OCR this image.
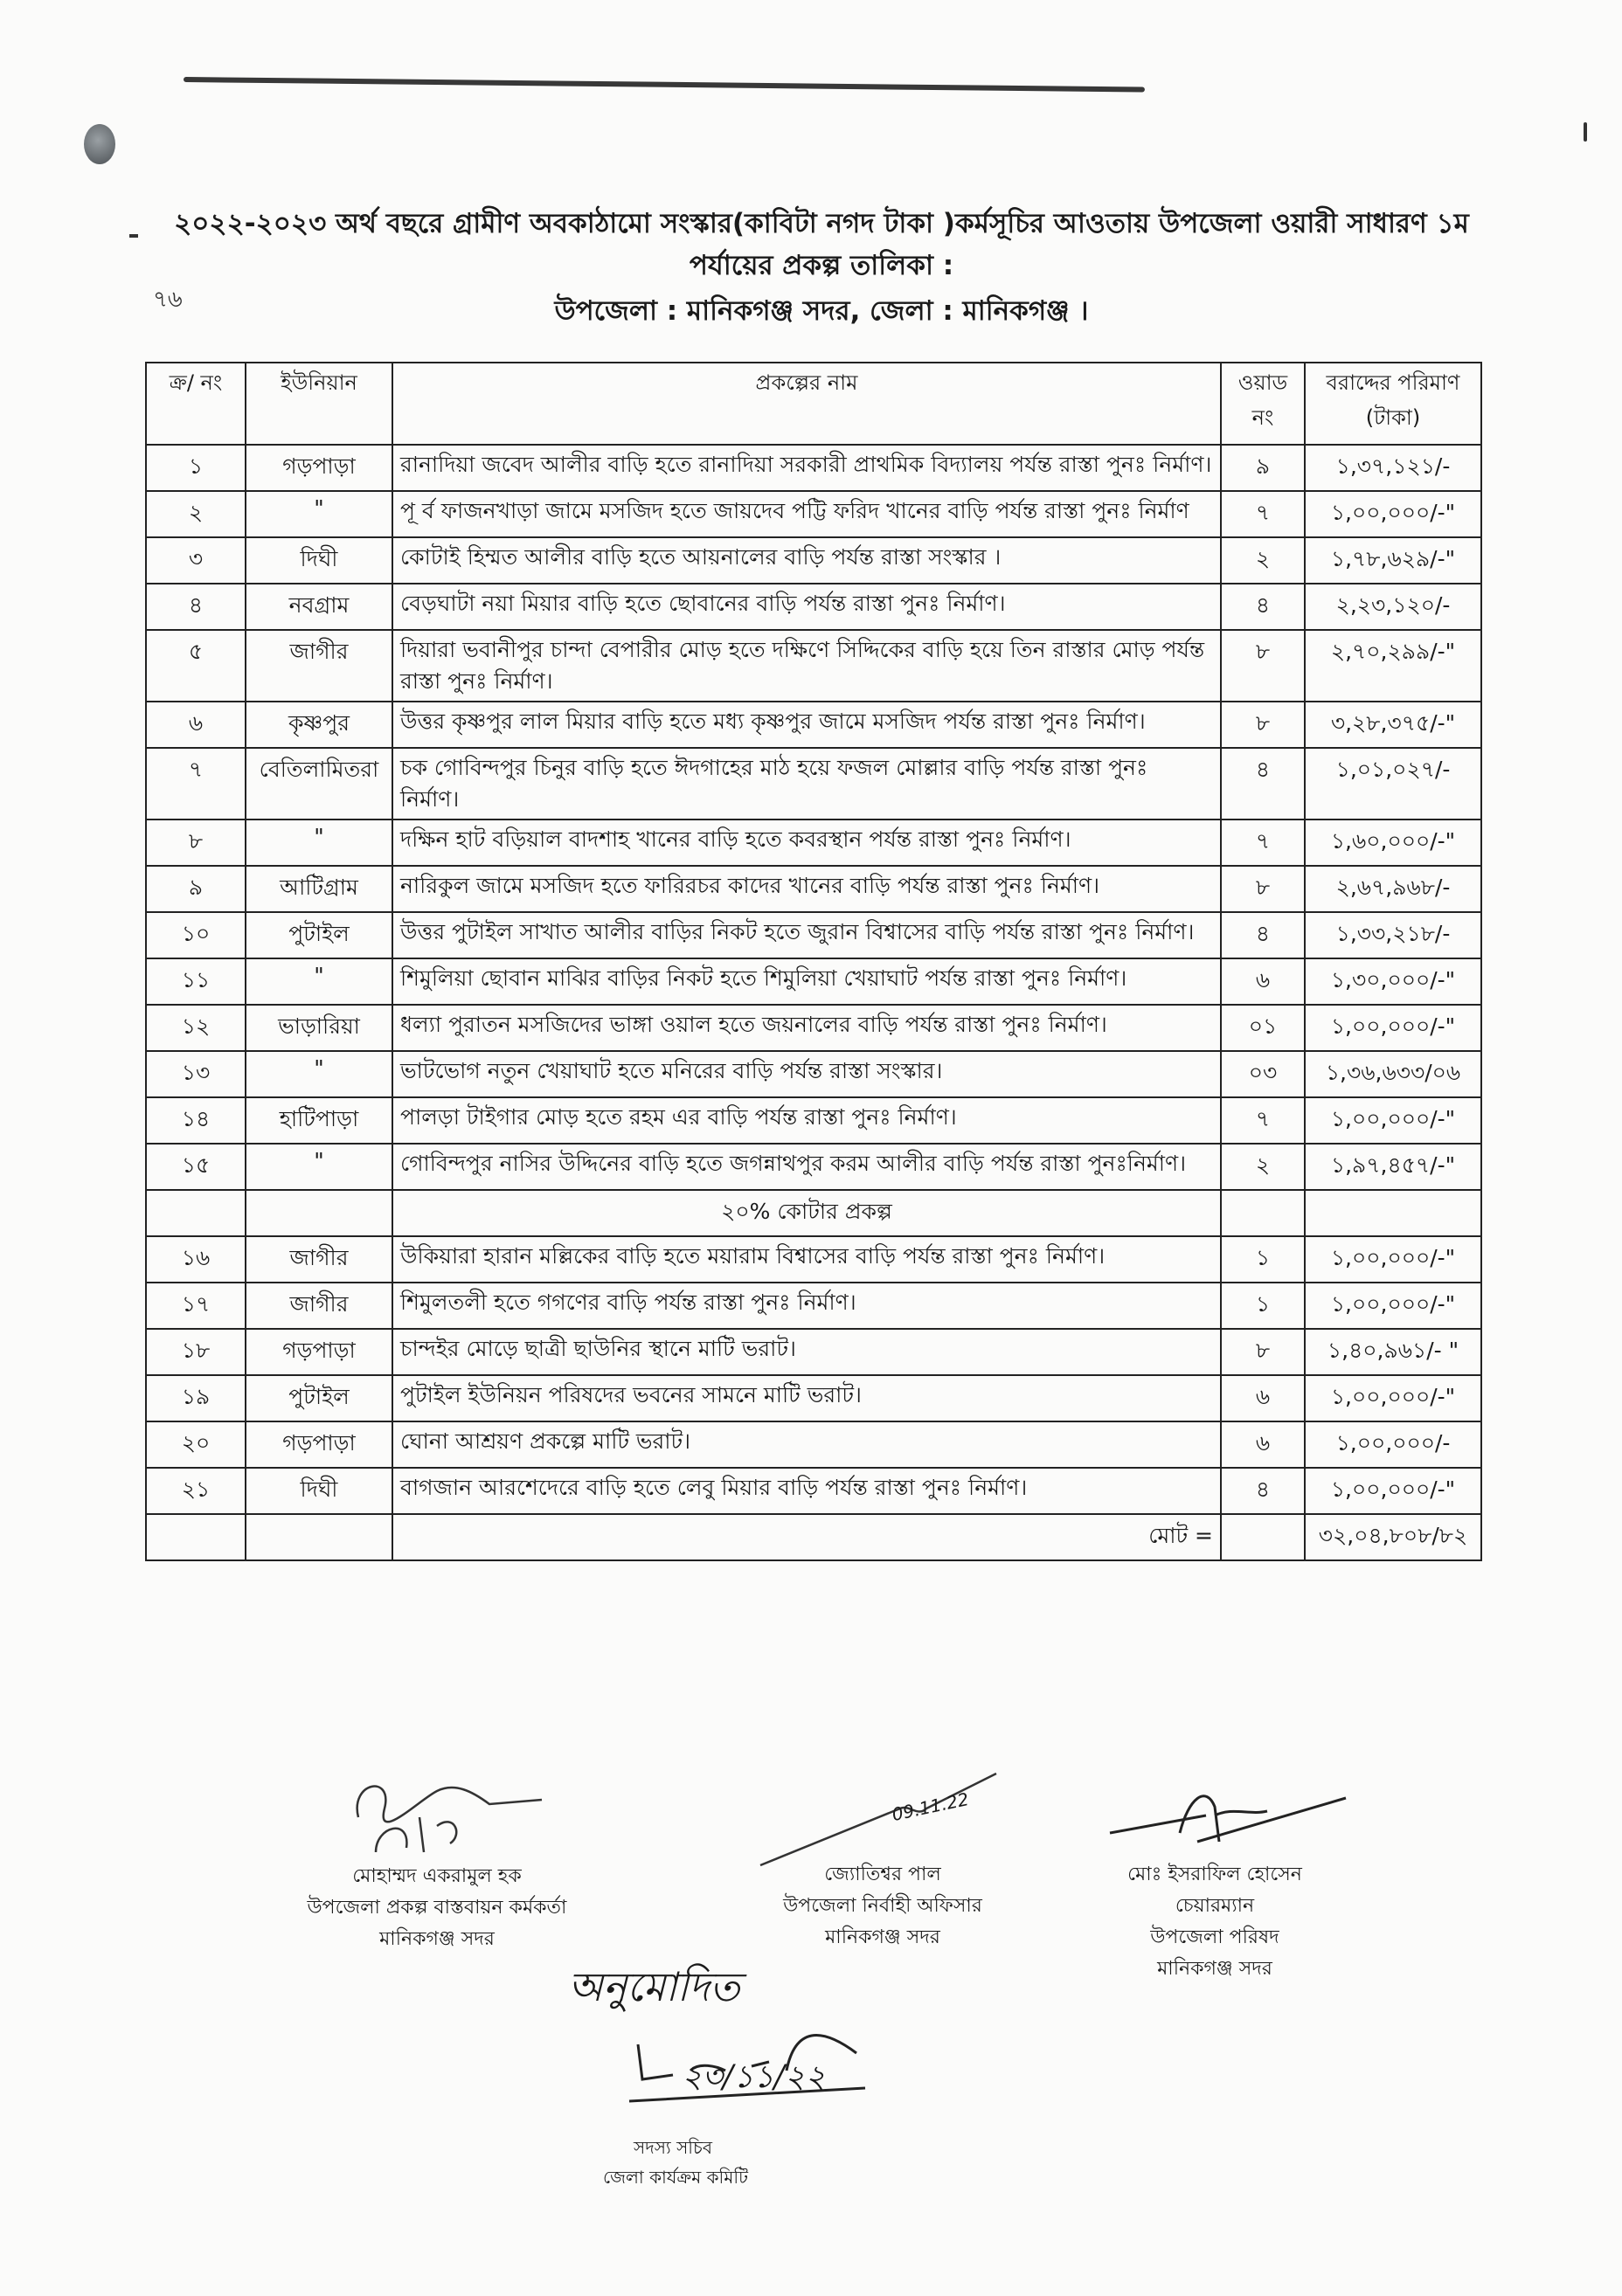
৭৬
২০২২-২০২৩ অর্থ বছরে গ্রামীণ অবকাঠামো সংস্কার(কাবিটা নগদ টাকা )কর্মসূচির আওতায় উপজেলা ওয়ারী সাধারণ ১ম
পর্যায়ের প্রকল্প তালিকা :
উপজেলা : মানিকগঞ্জ সদর, জেলা : মানিকগঞ্জ ।
ক্র/ নং	ইউনিয়ান	প্রকল্পের নাম	ওয়াড নং	বরাদ্দের পরিমাণ (টাকা)
১	গড়পাড়া	রানাদিয়া জবেদ আলীর বাড়ি হতে রানাদিয়া সরকারী প্রাথমিক বিদ্যালয় পর্যন্ত রাস্তা পুনঃ নির্মাণ।	৯	১,৩৭,১২১/-
২	"	পূ র্ব ফাজনখাড়া জামে মসজিদ হতে জায়দেব পট্টি ফরিদ খানের বাড়ি পর্যন্ত রাস্তা পুনঃ নির্মাণ	৭	১,০০,০০০/-"
৩	দিঘী	কোটাই হিম্মত আলীর বাড়ি হতে আয়নালের বাড়ি পর্যন্ত রাস্তা সংস্কার ।	২	১,৭৮,৬২৯/-"
৪	নবগ্রাম	বেড়ঘাটা নয়া মিয়ার বাড়ি হতে ছোবানের বাড়ি পর্যন্ত রাস্তা পুনঃ নির্মাণ।	৪	২,২৩,১২০/-
৫	জাগীর	দিয়ারা ভবানীপুর চান্দা বেপারীর মোড় হতে দক্ষিণে সিদ্দিকের বাড়ি হয়ে তিন রাস্তার মোড় পর্যন্ত রাস্তা পুনঃ নির্মাণ।	৮	২,৭০,২৯৯/-"
৬	কৃষ্ণপুর	উত্তর কৃষ্ণপুর লাল মিয়ার বাড়ি হতে মধ্য কৃষ্ণপুর জামে মসজিদ পর্যন্ত রাস্তা পুনঃ নির্মাণ।	৮	৩,২৮,৩৭৫/-"
৭	বেতিলামিতরা	চক গোবিন্দপুর চিনুর বাড়ি হতে ঈদগাহের মাঠ হয়ে ফজল মোল্লার বাড়ি পর্যন্ত রাস্তা পুনঃ নির্মাণ।	৪	১,০১,০২৭/-
৮	"	দক্ষিন হাট বড়িয়াল বাদশাহ খানের বাড়ি হতে কবরস্থান পর্যন্ত রাস্তা পুনঃ নির্মাণ।	৭	১,৬০,০০০/-"
৯	আটিগ্রাম	নারিকুল জামে মসজিদ হতে ফারিরচর কাদের খানের বাড়ি পর্যন্ত রাস্তা পুনঃ নির্মাণ।	৮	২,৬৭,৯৬৮/-
১০	পুটাইল	উত্তর পুটাইল সাখাত আলীর বাড়ির নিকট হতে জুরান বিশ্বাসের বাড়ি পর্যন্ত রাস্তা পুনঃ নির্মাণ।	৪	১,৩৩,২১৮/-
১১	"	শিমুলিয়া ছোবান মাঝির বাড়ির নিকট হতে শিমুলিয়া খেয়াঘাট পর্যন্ত রাস্তা পুনঃ নির্মাণ।	৬	১,৩০,০০০/-"
১২	ভাড়ারিয়া	ধল্যা পুরাতন মসজিদের ভাঙ্গা ওয়াল হতে জয়নালের বাড়ি পর্যন্ত রাস্তা পুনঃ নির্মাণ।	০১	১,০০,০০০/-"
১৩	"	ভাটভোগ নতুন খেয়াঘাট হতে মনিরের বাড়ি পর্যন্ত রাস্তা সংস্কার।	০৩	১,৩৬,৬৩৩/০৬
১৪	হাটিপাড়া	পালড়া টাইগার মোড় হতে রহম এর বাড়ি পর্যন্ত রাস্তা পুনঃ নির্মাণ।	৭	১,০০,০০০/-"
১৫	"	গোবিন্দপুর নাসির উদ্দিনের বাড়ি হতে জগন্নাথপুর করম আলীর বাড়ি পর্যন্ত রাস্তা পুনঃনির্মাণ।	২	১,৯৭,৪৫৭/-"
		২০% কোটার প্রকল্প		
১৬	জাগীর	উকিয়ারা হারান মল্লিকের বাড়ি হতে ময়ারাম বিশ্বাসের বাড়ি পর্যন্ত রাস্তা পুনঃ নির্মাণ।	১	১,০০,০০০/-"
১৭	জাগীর	শিমুলতলী হতে গগণের বাড়ি পর্যন্ত রাস্তা পুনঃ নির্মাণ।	১	১,০০,০০০/-"
১৮	গড়পাড়া	চান্দইর মোড়ে ছাত্রী ছাউনির স্থানে মাটি ভরাট।	৮	১,৪০,৯৬১/- "
১৯	পুটাইল	পুটাইল ইউনিয়ন পরিষদের ভবনের সামনে মাটি ভরাট।	৬	১,০০,০০০/-"
২০	গড়পাড়া	ঘোনা আশ্রয়ণ প্রকল্পে মাটি ভরাট।	৬	১,০০,০০০/-
২১	দিঘী	বাগজান আরশেদেরে বাড়ি হতে লেবু মিয়ার বাড়ি পর্যন্ত রাস্তা পুনঃ নির্মাণ।	৪	১,০০,০০০/-"
		মোট =		৩২,০৪,৮০৮/৮২
মোহাম্মদ একরামুল হক
উপজেলা প্রকল্প বাস্তবায়ন কর্মকর্তা
মানিকগঞ্জ সদর
09.11.22
জ্যোতিশ্বর পাল
উপজেলা নির্বাহী অফিসার
মানিকগঞ্জ সদর
মোঃ ইসরাফিল হোসেন
চেয়ারম্যান
উপজেলা পরিষদ
মানিকগঞ্জ সদর
অনুমোদিত
২৩/১১/২২
সদস্য সচিব
জেলা কার্যক্রম কমিটি
